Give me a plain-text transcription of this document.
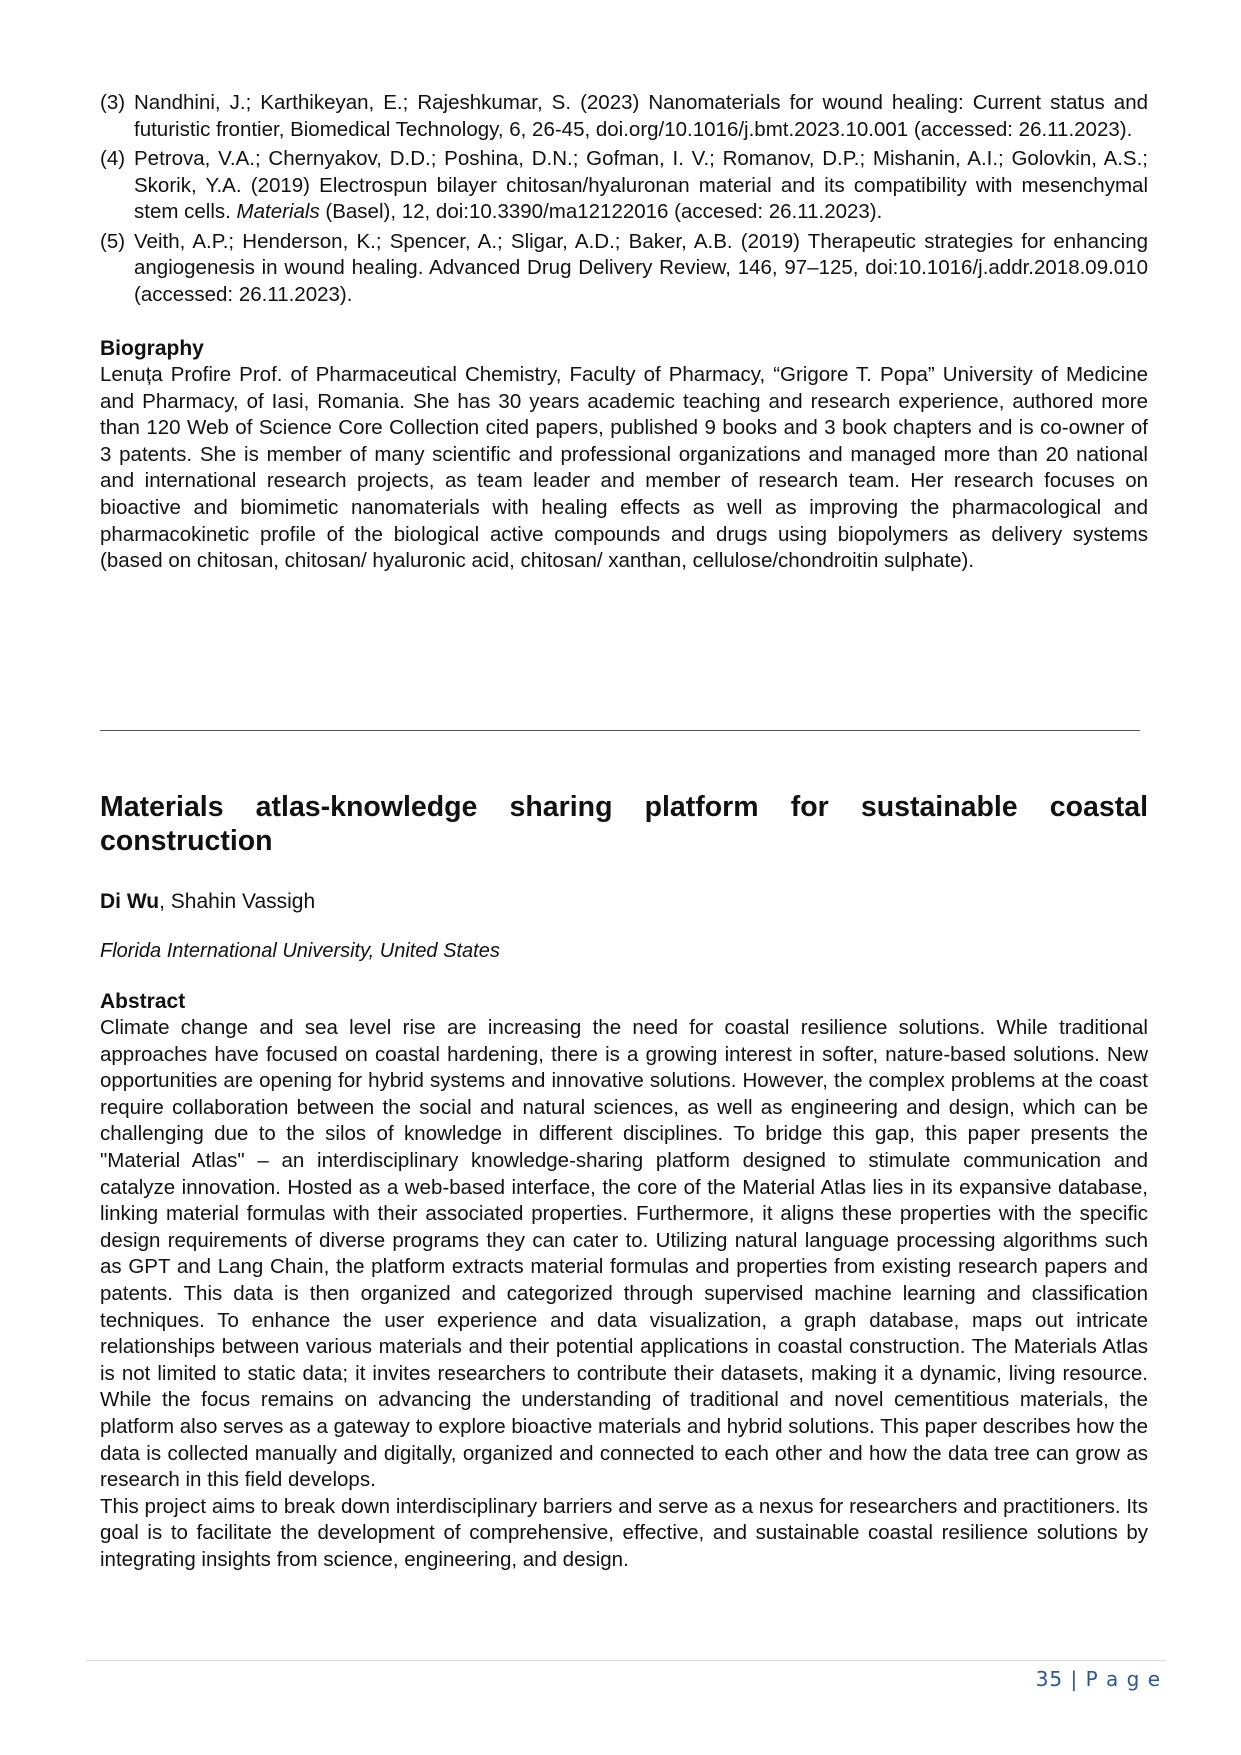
(3) Nandhini, J.; Karthikeyan, E.; Rajeshkumar, S. (2023) Nanomaterials for wound healing: Current status and futuristic frontier, Biomedical Technology, 6, 26-45, doi.org/10.1016/j.bmt.2023.10.001 (accessed: 26.11.2023).
(4) Petrova, V.A.; Chernyakov, D.D.; Poshina, D.N.; Gofman, I. V.; Romanov, D.P.; Mishanin, A.I.; Golovkin, A.S.; Skorik, Y.A. (2019) Electrospun bilayer chitosan/hyaluronan material and its compatibility with mesenchymal stem cells. Materials (Basel), 12, doi:10.3390/ma12122016 (accesed: 26.11.2023).
(5) Veith, A.P.; Henderson, K.; Spencer, A.; Sligar, A.D.; Baker, A.B. (2019) Therapeutic strategies for enhancing angiogenesis in wound healing. Advanced Drug Delivery Review, 146, 97–125, doi:10.1016/j.addr.2018.09.010 (accessed: 26.11.2023).
Biography

Lenuța Profire Prof. of Pharmaceutical Chemistry, Faculty of Pharmacy, “Grigore T. Popa” University of Medicine and Pharmacy, of Iasi, Romania. She has 30 years academic teaching and research experience, authored more than 120 Web of Science Core Collection cited papers, published 9 books and 3 book chapters and is co-owner of 3 patents. She is member of many scientific and professional organizations and managed more than 20 national and international research projects, as team leader and member of research team. Her research focuses on bioactive and biomimetic nanomaterials with healing effects as well as improving the pharmacological and pharmacokinetic profile of the biological active compounds and drugs using biopolymers as delivery systems (based on chitosan, chitosan/ hyaluronic acid, chitosan/ xanthan, cellulose/chondroitin sulphate).

Materials atlas-knowledge sharing platform for sustainable coastal construction

Di Wu, Shahin Vassigh

Florida International University, United States

Abstract

Climate change and sea level rise are increasing the need for coastal resilience solutions. While traditional approaches have focused on coastal hardening, there is a growing interest in softer, nature-based solutions. New opportunities are opening for hybrid systems and innovative solutions. However, the complex problems at the coast require collaboration between the social and natural sciences, as well as engineering and design, which can be challenging due to the silos of knowledge in different disciplines. To bridge this gap, this paper presents the "Material Atlas" – an interdisciplinary knowledge-sharing platform designed to stimulate communication and catalyze innovation. Hosted as a web-based interface, the core of the Material Atlas lies in its expansive database, linking material formulas with their associated properties. Furthermore, it aligns these properties with the specific design requirements of diverse programs they can cater to. Utilizing natural language processing algorithms such as GPT and Lang Chain, the platform extracts material formulas and properties from existing research papers and patents. This data is then organized and categorized through supervised machine learning and classification techniques. To enhance the user experience and data visualization, a graph database, maps out intricate relationships between various materials and their potential applications in coastal construction. The Materials Atlas is not limited to static data; it invites researchers to contribute their datasets, making it a dynamic, living resource. While the focus remains on advancing the understanding of traditional and novel cementitious materials, the platform also serves as a gateway to explore bioactive materials and hybrid solutions. This paper describes how the data is collected manually and digitally, organized and connected to each other and how the data tree can grow as research in this field develops.

This project aims to break down interdisciplinary barriers and serve as a nexus for researchers and practitioners. Its goal is to facilitate the development of comprehensive, effective, and sustainable coastal resilience solutions by integrating insights from science, engineering, and design.

35 | P a g e
